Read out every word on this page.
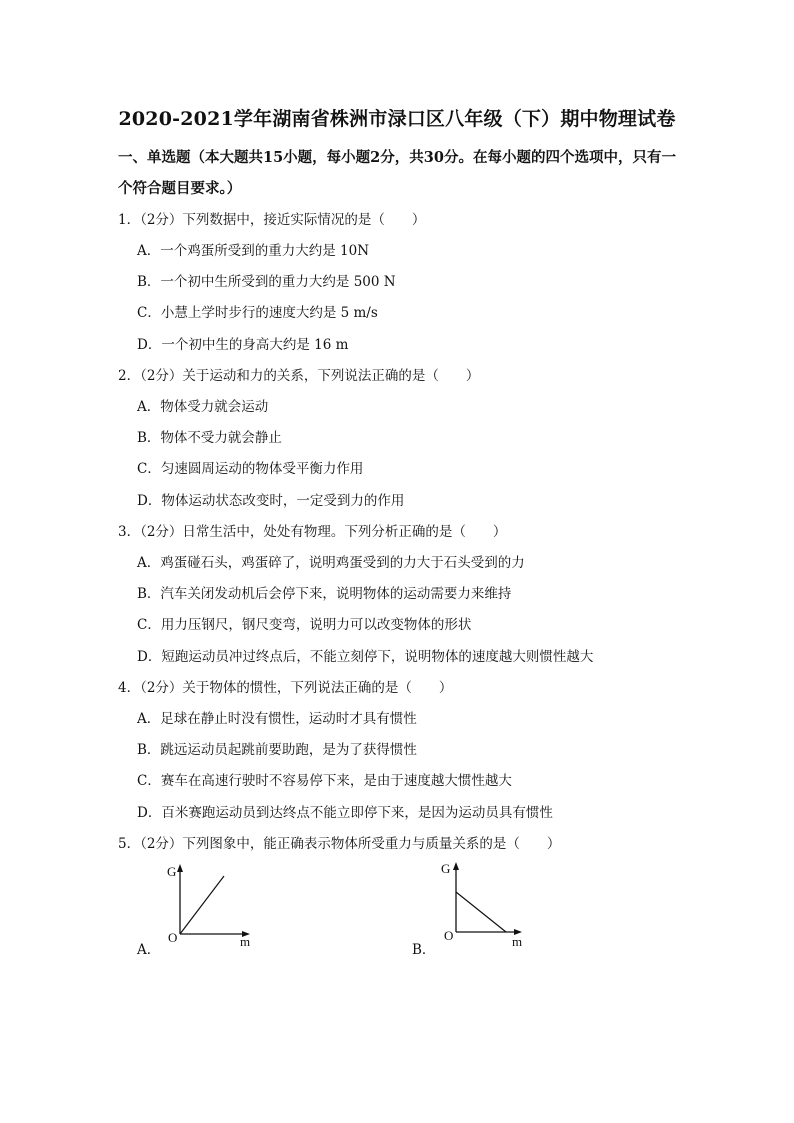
2020-2021学年湖南省株洲市渌口区八年级（下）期中物理试卷
一、单选题（本大题共15小题，每小题2分，共30分。在每小题的四个选项中，只有一
个符合题目要求。）
1．（2分）下列数据中，接近实际情况的是（　　）
A．一个鸡蛋所受到的重力大约是 10N
B．一个初中生所受到的重力大约是 500 N
C．小慧上学时步行的速度大约是 5 m/s
D．一个初中生的身高大约是 16 m
2．（2分）关于运动和力的关系，下列说法正确的是（　　）
A．物体受力就会运动
B．物体不受力就会静止
C．匀速圆周运动的物体受平衡力作用
D．物体运动状态改变时，一定受到力的作用
3．（2分）日常生活中，处处有物理。下列分析正确的是（　　）
A．鸡蛋碰石头，鸡蛋碎了，说明鸡蛋受到的力大于石头受到的力
B．汽车关闭发动机后会停下来，说明物体的运动需要力来维持
C．用力压钢尺，钢尺变弯，说明力可以改变物体的形状
D．短跑运动员冲过终点后，不能立刻停下，说明物体的速度越大则惯性越大
4．（2分）关于物体的惯性，下列说法正确的是（　　）
A．足球在静止时没有惯性，运动时才具有惯性
B．跳远运动员起跳前要助跑，是为了获得惯性
C．赛车在高速行驶时不容易停下来，是由于速度越大惯性越大
D．百米赛跑运动员到达终点不能立即停下来，是因为运动员具有惯性
5．（2分）下列图象中，能正确表示物体所受重力与质量关系的是（　　）
A．
G
O	m
B．
G
O	m
